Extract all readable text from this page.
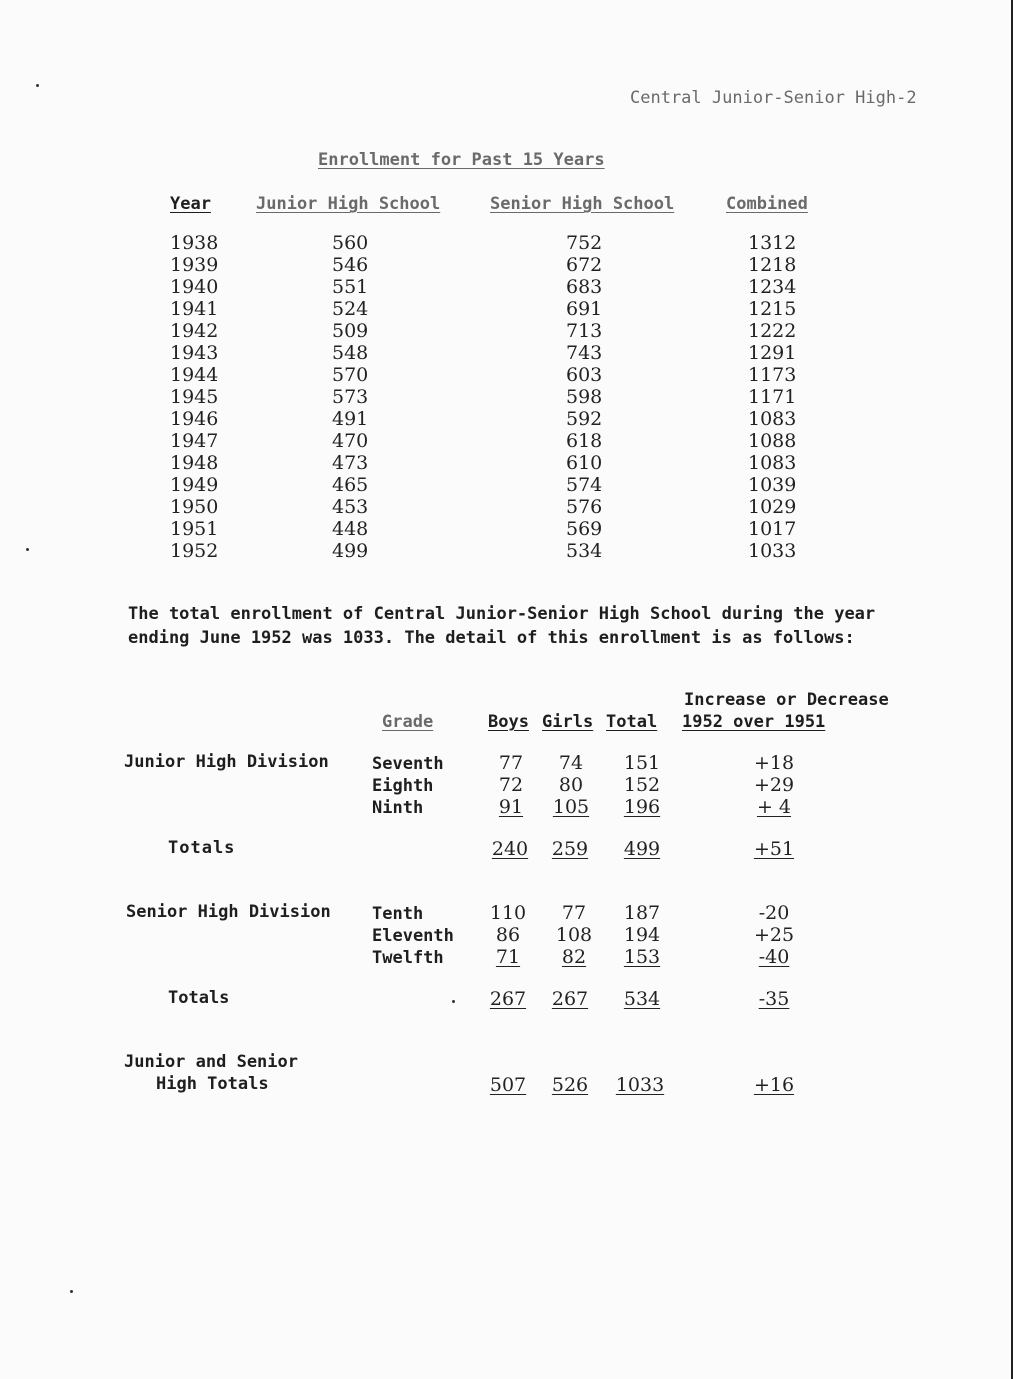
Central Junior-Senior High-2
Enrollment for Past 15 Years
Year	Junior High School	Senior High School	Combined
1938	560	752	1312
1939	546	672	1218
1940	551	683	1234
1941	524	691	1215
1942	509	713	1222
1943	548	743	1291
1944	570	603	1173
1945	573	598	1171
1946	491	592	1083
1947	470	618	1088
1948	473	610	1083
1949	465	574	1039
1950	453	576	1029
1951	448	569	1017
1952	499	534	1033
The total enrollment of Central Junior-Senior High School during the year
ending June 1952 was 1033. The detail of this enrollment is as follows:
Increase or Decrease
1952 over 1951
Grade	Boys Girls Total
Junior High Division	Seventh	77	74	151	+18
Eighth	72	80	152	+29
Ninth	91	105	196	+ 4
Totals	240	259	499	+51
Senior High Division Tenth	110	77	187	-20
Eleventh	86	108	194	+25
Twelfth	71	82	153	-40
Totals	267	267	534	-35
Junior and Senior
High Totals	507	526	1033	+16
